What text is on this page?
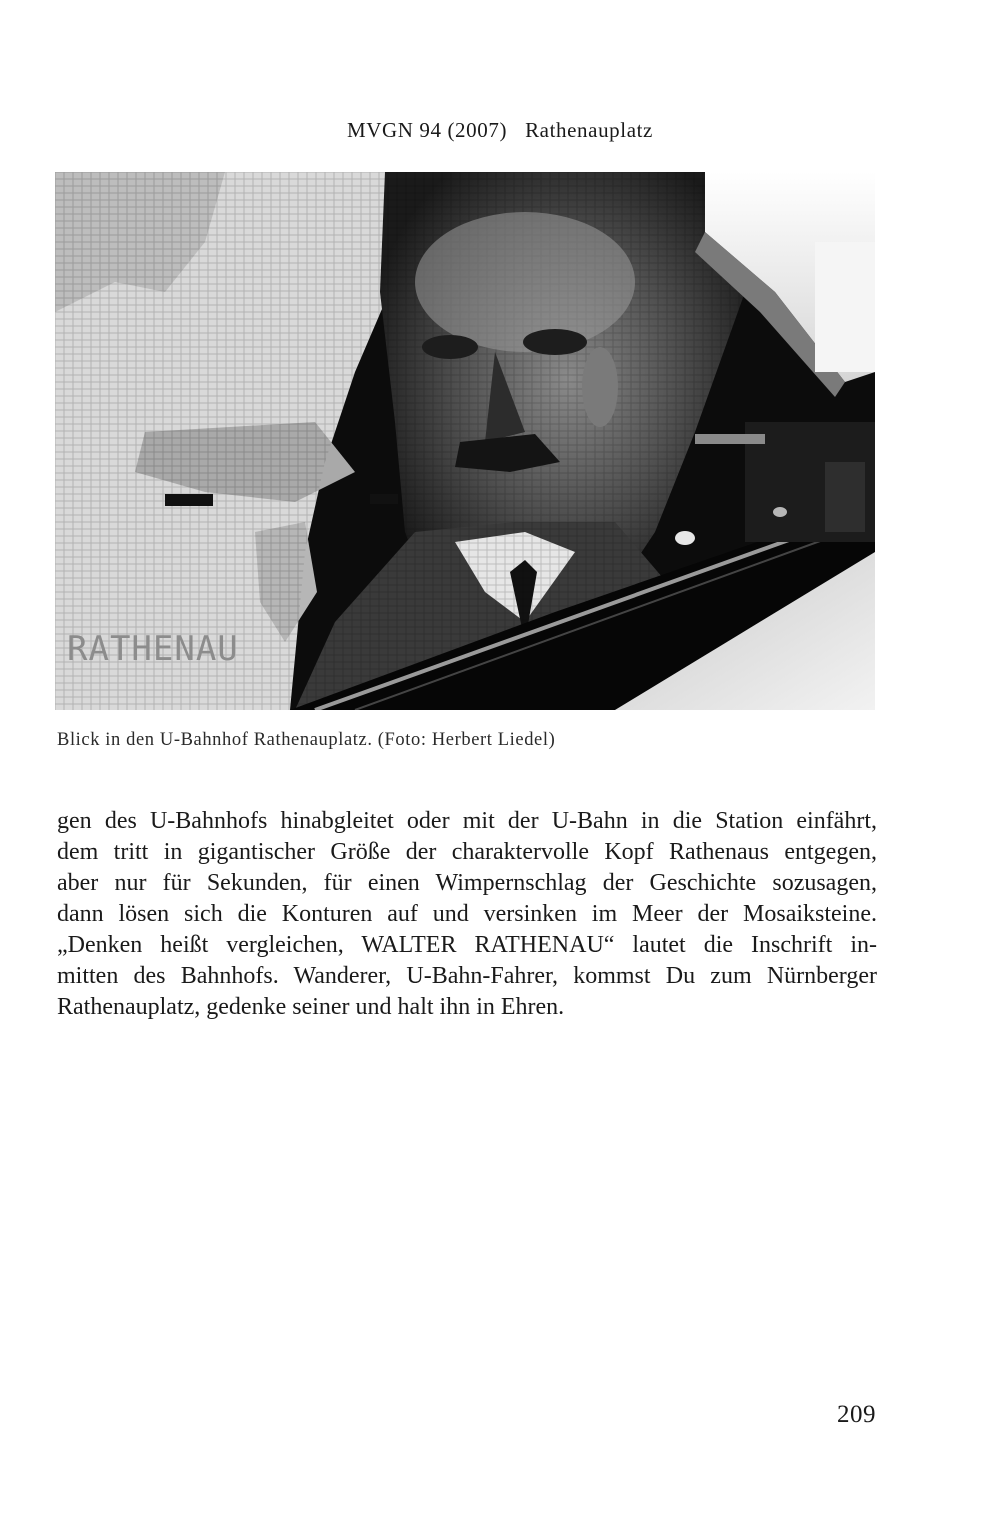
MVGN 94 (2007) Rathenauplatz
RATHENAU
Blick in den U-Bahnhof Rathenauplatz. (Foto: Herbert Liedel)
gen des U-Bahnhofs hinabgleitet oder mit der U-Bahn in die Station einfährt,
dem tritt in gigantischer Größe der charaktervolle Kopf Rathenaus entgegen,
aber nur für Sekunden, für einen Wimpernschlag der Geschichte sozusagen,
dann lösen sich die Konturen auf und versinken im Meer der Mosaiksteine.
„Denken heißt vergleichen, WALTER RATHENAU“ lautet die Inschrift in-
mitten des Bahnhofs. Wanderer, U-Bahn-Fahrer, kommst Du zum Nürnberger
Rathenauplatz, gedenke seiner und halt ihn in Ehren.
209
